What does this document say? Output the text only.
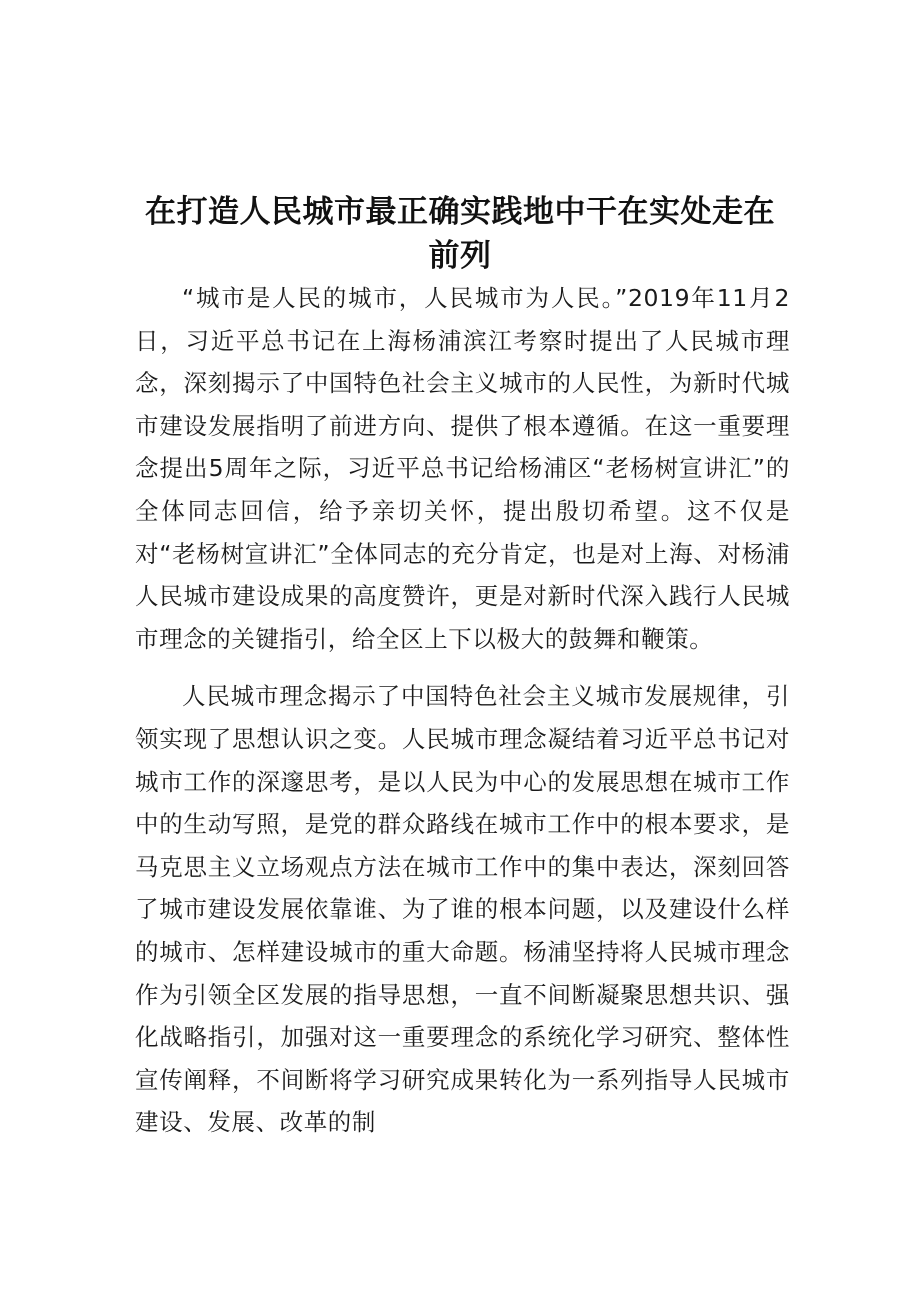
在打造人民城市最正确实践地中干在实处走在
前列

“城市是人民的城市，人民城市为人民。”2019年11月2日，习近平总书记在上海杨浦滨江考察时提出了人民城市理念，深刻揭示了中国特色社会主义城市的人民性，为新时代城市建设发展指明了前进方向、提供了根本遵循。在这一重要理念提出5周年之际，习近平总书记给杨浦区“老杨树宣讲汇”的全体同志回信，给予亲切关怀，提出殷切希望。这不仅是对“老杨树宣讲汇”全体同志的充分肯定，也是对上海、对杨浦人民城市建设成果的高度赞许，更是对新时代深入践行人民城市理念的关键指引，给全区上下以极大的鼓舞和鞭策。

人民城市理念揭示了中国特色社会主义城市发展规律，引领实现了思想认识之变。人民城市理念凝结着习近平总书记对城市工作的深邃思考，是以人民为中心的发展思想在城市工作中的生动写照，是党的群众路线在城市工作中的根本要求，是马克思主义立场观点方法在城市工作中的集中表达，深刻回答了城市建设发展依靠谁、为了谁的根本问题，以及建设什么样的城市、怎样建设城市的重大命题。杨浦坚持将人民城市理念作为引领全区发展的指导思想，一直不间断凝聚思想共识、强化战略指引，加强对这一重要理念的系统化学习研究、整体性宣传阐释，不间断将学习研究成果转化为一系列指导人民城市建设、发展、改革的制
